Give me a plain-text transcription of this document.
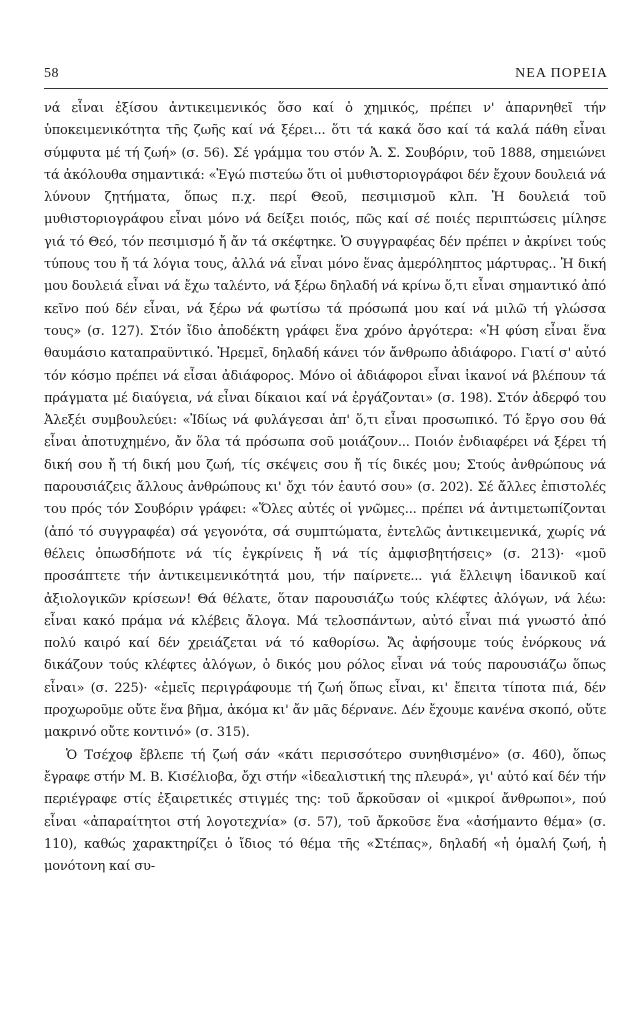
58	ΝΕΑ ΠΟΡΕΙΑ

νά εἶναι ἐξίσου ἀντικειμενικός ὅσο καί ὁ χημικός, πρέπει ν' ἀπαρνηθεῖ τήν ὑποκειμενικότητα τῆς ζωῆς καί νά ξέρει... ὅτι τά κακά ὅσο καί τά καλά πάθη εἶναι σύμφυτα μέ τή ζωή» (σ. 56). Σέ γράμμα του στόν Ἀ. Σ. Σουβόριν, τοῦ 1888, σημειώνει τά ἀκόλουθα σημαντικά: «Ἐγώ πιστεύω ὅτι οἱ μυθιστοριογράφοι δέν ἔχουν δουλειά νά λύνουν ζητήματα, ὅπως π.χ. περί Θεοῦ, πεσιμισμοῦ κλπ. Ἡ δουλειά τοῦ μυθιστοριογράφου εἶναι μόνο νά δείξει ποιός, πῶς καί σέ ποιές περιπτώσεις μίλησε γιά τό Θεό, τόν πεσιμισμό ἤ ἄν τά σκέφτηκε. Ὁ συγγραφέας δέν πρέπει ν ἀκρίνει τούς τύπους του ἤ τά λόγια τους, ἀλλά νά εἶναι μόνο ἕνας ἀμερόληπτος μάρτυρας.. Ἡ δική μου δουλειά εἶναι νά ἔχω ταλέντο, νά ξέρω δηλαδή νά κρίνω ὅ,τι εἶναι σημαντικό ἀπό κεῖνο πού δέν εἶναι, νά ξέρω νά φωτίσω τά πρόσωπά μου καί νά μιλῶ τή γλώσσα τους» (σ. 127). Στόν ἴδιο ἀποδέκτη γράφει ἕνα χρόνο ἀργότερα: «Ἡ φύση εἶναι ἕνα θαυμάσιο καταπραϋντικό. Ἠρεμεῖ, δηλαδή κάνει τόν ἄνθρωπο ἀδιάφορο. Γιατί σ' αὐτό τόν κόσμο πρέπει νά εἶσαι ἀδιάφορος. Μόνο οἱ ἀδιάφοροι εἶναι ἱκανοί νά βλέπουν τά πράγματα μέ διαύγεια, νά εἶναι δίκαιοι καί νά ἐργάζονται» (σ. 198). Στόν ἀδερφό του Ἀλεξέι συμβουλεύει: «Ἰδίως νά φυλάγεσαι ἀπ' ὅ,τι εἶναι προσωπικό. Τό ἔργο σου θά εἶναι ἀποτυχημένο, ἄν ὅλα τά πρόσωπα σοῦ μοιάζουν... Ποιόν ἐνδιαφέρει νά ξέρει τή δική σου ἤ τή δική μου ζωή, τίς σκέψεις σου ἤ τίς δικές μου; Στούς ἀνθρώπους νά παρουσιάζεις ἄλλους ἀνθρώπους κι' ὄχι τόν ἑαυτό σου» (σ. 202). Σέ ἄλλες ἐπιστολές του πρός τόν Σουβόριν γράφει: «Ὅλες αὐτές οἱ γνῶμες... πρέπει νά ἀντιμετωπίζονται (ἀπό τό συγγραφέα) σά γεγονότα, σά συμπτώματα, ἐντελῶς ἀντικειμενικά, χωρίς νά θέλεις ὁπωσδήποτε νά τίς ἐγκρίνεις ἤ νά τίς ἀμφισβητήσεις» (σ. 213)· «μοῦ προσάπτετε τήν ἀντικειμενικότητά μου, τήν παίρνετε... γιά ἔλλειψη ἰδανικοῦ καί ἀξιολογικῶν κρίσεων! Θά θέλατε, ὅταν παρουσιάζω τούς κλέφτες ἀλόγων, νά λέω: εἶναι κακό πράμα νά κλέβεις ἄλογα. Μά τελοσπάντων, αὐτό εἶναι πιά γνωστό ἀπό πολύ καιρό καί δέν χρειάζεται νά τό καθορίσω. Ἄς ἀφήσουμε τούς ἐνόρκους νά δικάζουν τούς κλέφτες ἀλόγων, ὁ δικός μου ρόλος εἶναι νά τούς παρουσιάζω ὅπως εἶναι» (σ. 225)· «ἐμεῖς περιγράφουμε τή ζωή ὅπως εἶναι, κι' ἔπειτα τίποτα πιά, δέν προχωροῦμε οὔτε ἕνα βῆμα, ἀκόμα κι' ἄν μᾶς δέρνανε. Δέν ἔχουμε κανένα σκοπό, οὔτε μακρινό οὔτε κοντινό» (σ. 315).

Ὁ Τσέχοφ ἔβλεπε τή ζωή σάν «κάτι περισσότερο συνηθισμένο» (σ. 460), ὅπως ἔγραφε στήν Μ. Β. Κισέλιοβα, ὄχι στήν «ἰδεαλιστική της πλευρά», γι' αὐτό καί δέν τήν περιέγραφε στίς ἐξαιρετικές στιγμές της: τοῦ ἄρκοῦσαν οἱ «μικροί ἄνθρωποι», πού εἶναι «ἀπαραίτητοι στή λογοτεχνία» (σ. 57), τοῦ ἄρκοῦσε ἕνα «ἀσήμαντο θέμα» (σ. 110), καθώς χαρακτηρίζει ὁ ἴδιος τό θέμα τῆς «Στέπας», δηλαδή «ἡ ὁμαλή ζωή, ἡ μονότονη καί συ-
